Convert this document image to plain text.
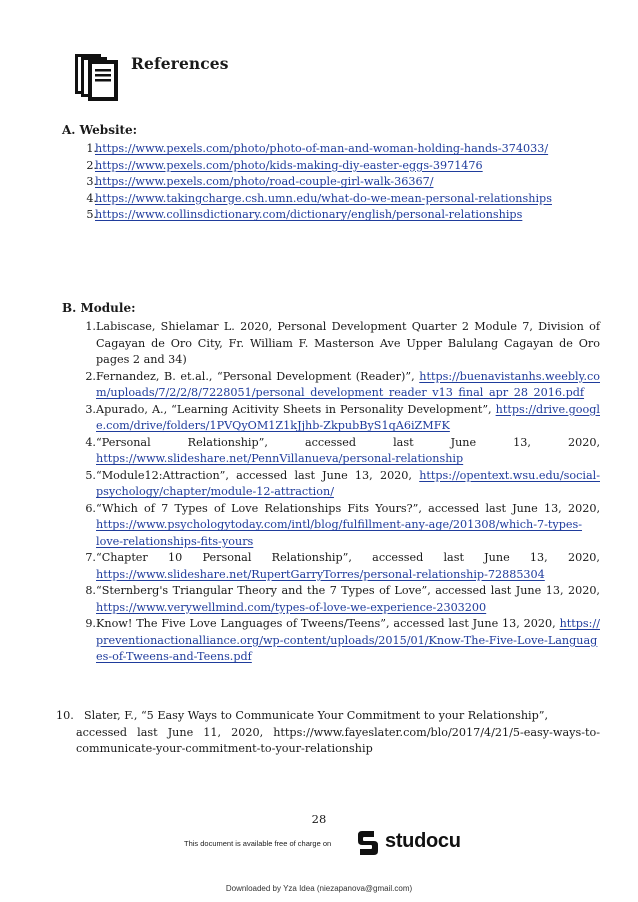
References
A. Website:
1.
https://www.pexels.com/photo/photo-of-man-and-woman-holding-hands-374033/
2.
https://www.pexels.com/photo/kids-making-diy-easter-eggs-3971476
3.
https://www.pexels.com/photo/road-couple-girl-walk-36367/
4.
https://www.takingcharge.csh.umn.edu/what-do-we-mean-personal-relationships
5.
https://www.collinsdictionary.com/dictionary/english/personal-relationships
B. Module:
1. Labiscase, Shielamar L. 2020, Personal Development Quarter 2 Module 7, Division of Cagayan de Oro City, Fr. William F. Masterson Ave Upper Balulang Cagayan de Oro pages 2 and 34)
2. Fernandez, B. et.al., “Personal Development (Reader)”, https://buenavistanhs.weebly.com/uploads/7/2/2/8/7228051/personal_development_reader_v13_final_apr_28_2016.pdf
3. Apurado, A., “Learning Acitivity Sheets in Personality Development”, https://drive.google.com/drive/folders/1PVQyOM1Z1kJjhb-ZkpubByS1qA6iZMFK
4. “Personal Relationship”, accessed last June 13, 2020, https://www.slideshare.net/PennVillanueva/personal-relationship
5. “Module12:Attraction”, accessed last June 13, 2020, https://opentext.wsu.edu/social-psychology/chapter/module-12-attraction/
6. “Which of 7 Types of Love Relationships Fits Yours?”, accessed last June 13, 2020, https://www.psychologytoday.com/intl/blog/fulfillment-any-age/201308/which-7-types-love-relationships-fits-yours
7. “Chapter 10 Personal Relationship”, accessed last June 13, 2020, https://www.slideshare.net/RupertGarryTorres/personal-relationship-72885304
8. “Sternberg's Triangular Theory and the 7 Types of Love”, accessed last June 13, 2020, https://www.verywellmind.com/types-of-love-we-experience-2303200
9. Know! The Five Love Languages of Tweens/Teens”, accessed last June 13, 2020, https://preventionactionalliance.org/wp-content/uploads/2015/01/Know-The-Five-Love-Languages-of-Tweens-and-Teens.pdf
10. Slater, F., “5 Easy Ways to Communicate Your Commitment to your Relationship”,
accessed last June 11, 2020, https://www.fayeslater.com/blo/2017/4/21/5-easy-ways-to-communicate-your-commitment-to-your-relationship
28
This document is available free of charge on	studocu
Downloaded by Yza Idea (niezapanova@gmail.com)
